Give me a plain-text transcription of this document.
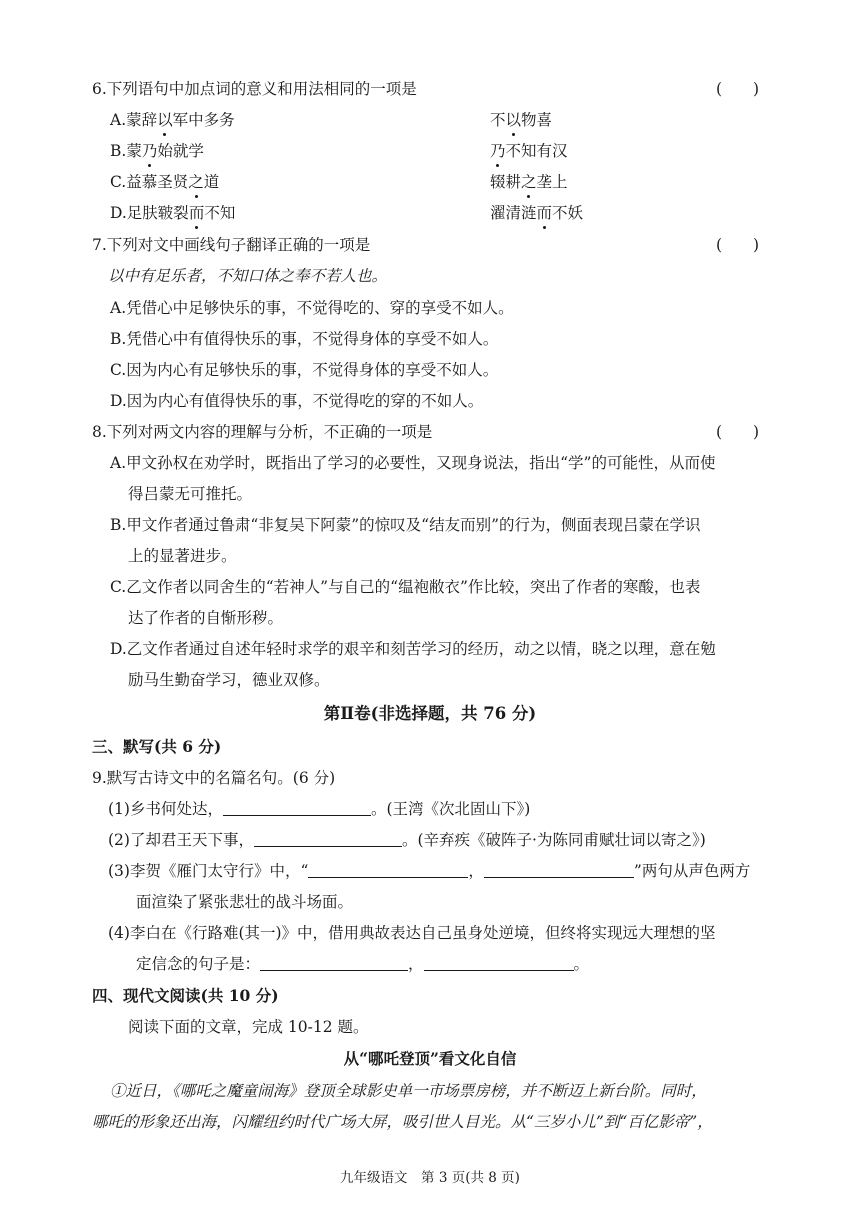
6.下列语句中加点词的意义和用法相同的一项是	(　　)
A.蒙辞以军中多务	不以物喜
B.蒙乃始就学	乃不知有汉
C.益慕圣贤之道	辍耕之垄上
D.足肤皲裂而不知	濯清涟而不妖
7.下列对文中画线句子翻译正确的一项是	(　　)
以中有足乐者，不知口体之奉不若人也。
A.凭借心中足够快乐的事，不觉得吃的、穿的享受不如人。
B.凭借心中有值得快乐的事，不觉得身体的享受不如人。
C.因为内心有足够快乐的事，不觉得身体的享受不如人。
D.因为内心有值得快乐的事，不觉得吃的穿的不如人。
8.下列对两文内容的理解与分析，不正确的一项是	(　　)
A.甲文孙权在劝学时，既指出了学习的必要性，又现身说法，指出“学”的可能性，从而使
得吕蒙无可推托。
B.甲文作者通过鲁肃“非复吴下阿蒙”的惊叹及“结友而别”的行为，侧面表现吕蒙在学识
上的显著进步。
C.乙文作者以同舍生的“若神人”与自己的“缊袍敝衣”作比较，突出了作者的寒酸，也表
达了作者的自惭形秽。
D.乙文作者通过自述年轻时求学的艰辛和刻苦学习的经历，动之以情，晓之以理，意在勉
励马生勤奋学习，德业双修。
第Ⅱ卷(非选择题，共 76 分)
三、默写(共 6 分)
9.默写古诗文中的名篇名句。(6 分)
(1)乡书何处达，	。(王湾《次北固山下》)
(2)了却君王天下事，	。(辛弃疾《破阵子·为陈同甫赋壮词以寄之》)
(3)李贺《雁门太守行》中，“	，	”两句从声色两方
面渲染了紧张悲壮的战斗场面。
(4)李白在《行路难(其一)》中，借用典故表达自己虽身处逆境，但终将实现远大理想的坚
定信念的句子是：	，	。
四、现代文阅读(共 10 分)
阅读下面的文章，完成 10-12 题。
从“哪吒登顶”看文化自信
①近日，《哪吒之魔童闹海》登顶全球影史单一市场票房榜，并不断迈上新台阶。同时，
哪吒的形象还出海，闪耀纽约时代广场大屏，吸引世人目光。从“三岁小儿”到“百亿影帝”，
九年级语文　第 3 页(共 8 页)
